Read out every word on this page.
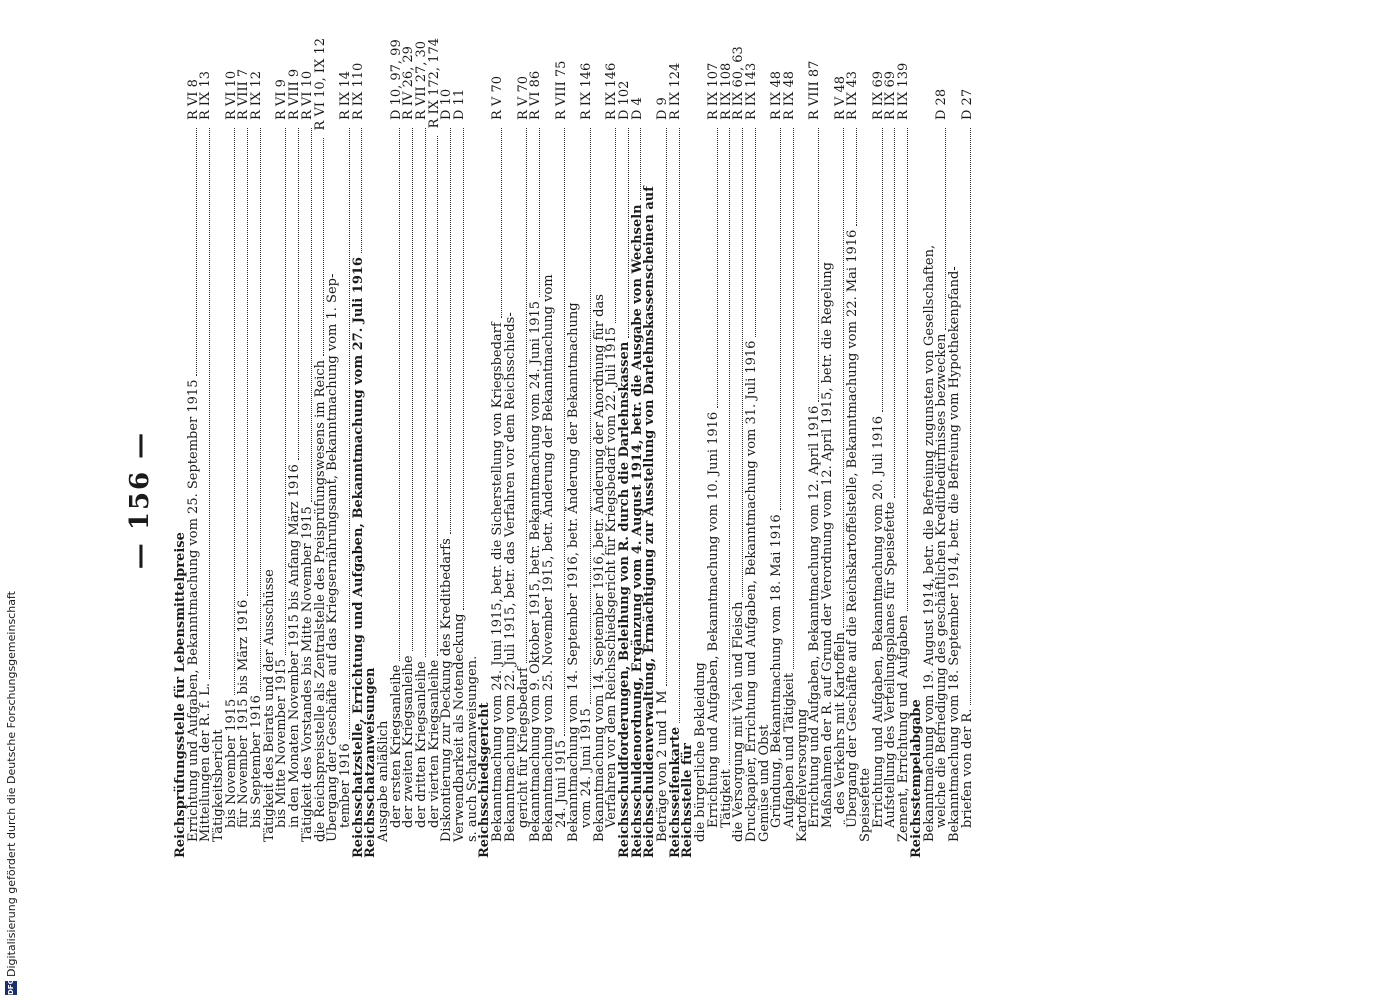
— 156 —
Reichsprüfungsstelle für Lebensmittelpreise
Errichtung und Aufgaben, Bekanntmachung vom 25. September 1915
R VI 8
Mitteilungen der R. f. L.
R IX 13
Tätigkeitsbericht
bis November 1915
R VI 10
für November 1915 bis März 1916
R VIII 7
bis September 1916
R IX 12
Tätigkeit des Beirats und der Ausschüsse
bis Mitte November 1915
R VI 9
in den Monaten November 1915 bis Anfang März 1916
R VIII 9
Tätigkeit des Vorstandes bis Mitte November 1915
R VI 10
die Reichspreisstelle als Zentralstelle des Preisprüfungswesens im Reich
R VI 10, IX 12
Übergang der Geschäfte auf das Kriegsernährungsamt, Bekanntmachung vom 1. Sep-
tember 1916
R IX 14
Reichsschatzstelle, Errichtung und Aufgaben, Bekanntmachung vom 27. Juli 1916
R IX 110
Reichsschatzanweisungen
Ausgabe anläßlich
der ersten Kriegsanleihe
D 10, 97, 99
der zweiten Kriegsanleihe
R IV 26, 29
der dritten Kriegsanleihe
R VII 27, 30
der vierten Kriegsanleihe
R IX 172, 174
Diskontierung zur Deckung des Kreditbedarfs
D 10
Verwendbarkeit als Notendeckung
D 11
s. auch Schatzanweisungen.
Reichsschiedsgericht
Bekanntmachung vom 24. Juni 1915, betr. die Sicherstellung von Kriegsbedarf
R V 70
Bekanntmachung vom 22. Juli 1915, betr. das Verfahren vor dem Reichsschieds-
gericht für Kriegsbedarf
R V 70
Bekanntmachung vom 9. Oktober 1915, betr. Bekanntmachung vom 24. Juni 1915
R VI 86
Bekanntmachung vom 25. November 1915, betr. Änderung der Bekanntmachung vom
24. Juni 1915
R VIII 75
Bekanntmachung vom 14. September 1916, betr. Änderung der Bekanntmachung
vom 24. Juni 1915
R IX 146
Bekanntmachung vom 14. September 1916, betr. Änderung der Anordnung für das
Verfahren vor dem Reichsschiedsgericht für Kriegsbedarf vom 22. Juli 1915
R IX 146
Reichsschuldforderungen, Beleihung von R. durch die Darlehnskassen
D 102
Reichsschuldenordnung, Ergänzung vom 4. August 1914, betr. die Ausgabe von Wechseln
D 4
Reichsschuldenverwaltung, Ermächtigung zur Ausstellung von Darlehnskassenscheinen auf
Beträge von 2 und 1 M
D 9
Reichsseifenkarte
R IX 124
Reichsstelle für
die bürgerliche Bekleidung
Errichtung und Aufgaben, Bekanntmachung vom 10. Juni 1916
R IX 107
Tätigkeit
R IX 108
die Versorgung mit Vieh und Fleisch
R IX 60, 63
Druckpapier, Errichtung und Aufgaben, Bekanntmachung vom 31. Juli 1916
R IX 143
Gemüse und Obst
Gründung, Bekanntmachung vom 18. Mai 1916
R IX 48
Aufgaben und Tätigkeit
R IX 48
Kartoffelversorgung
Errichtung und Aufgaben, Bekanntmachung vom 12. April 1916
R VIII 87
Maßnahmen der R. auf Grund der Verordnung vom 12. April 1915, betr. die Regelung
des Verkehrs mit Kartoffeln
R V 48
Übergang der Geschäfte auf die Reichskartoffelstelle, Bekanntmachung vom 22. Mai 1916
R IX 43
Speisefette
Errichtung und Aufgaben, Bekanntmachung vom 20. Juli 1916
R IX 69
Aufstellung des Verteilungsplanes für Speisefette
R IX 69
Zement, Errichtung und Aufgaben
R IX 139
Reichsstempelabgabe
Bekanntmachung vom 19. August 1914, betr. die Befreiung zugunsten von Gesellschaften,
welche die Befriedigung des geschäftlichen Kreditbedürfnisses bezwecken
D 28
Bekanntmachung vom 18. September 1914, betr. die Befreiung vom Hypothekenpfand-
briefen von der R.
D 27
DFG
Digitalisierung gefördert durch die Deutsche Forschungsgemeinschaft
